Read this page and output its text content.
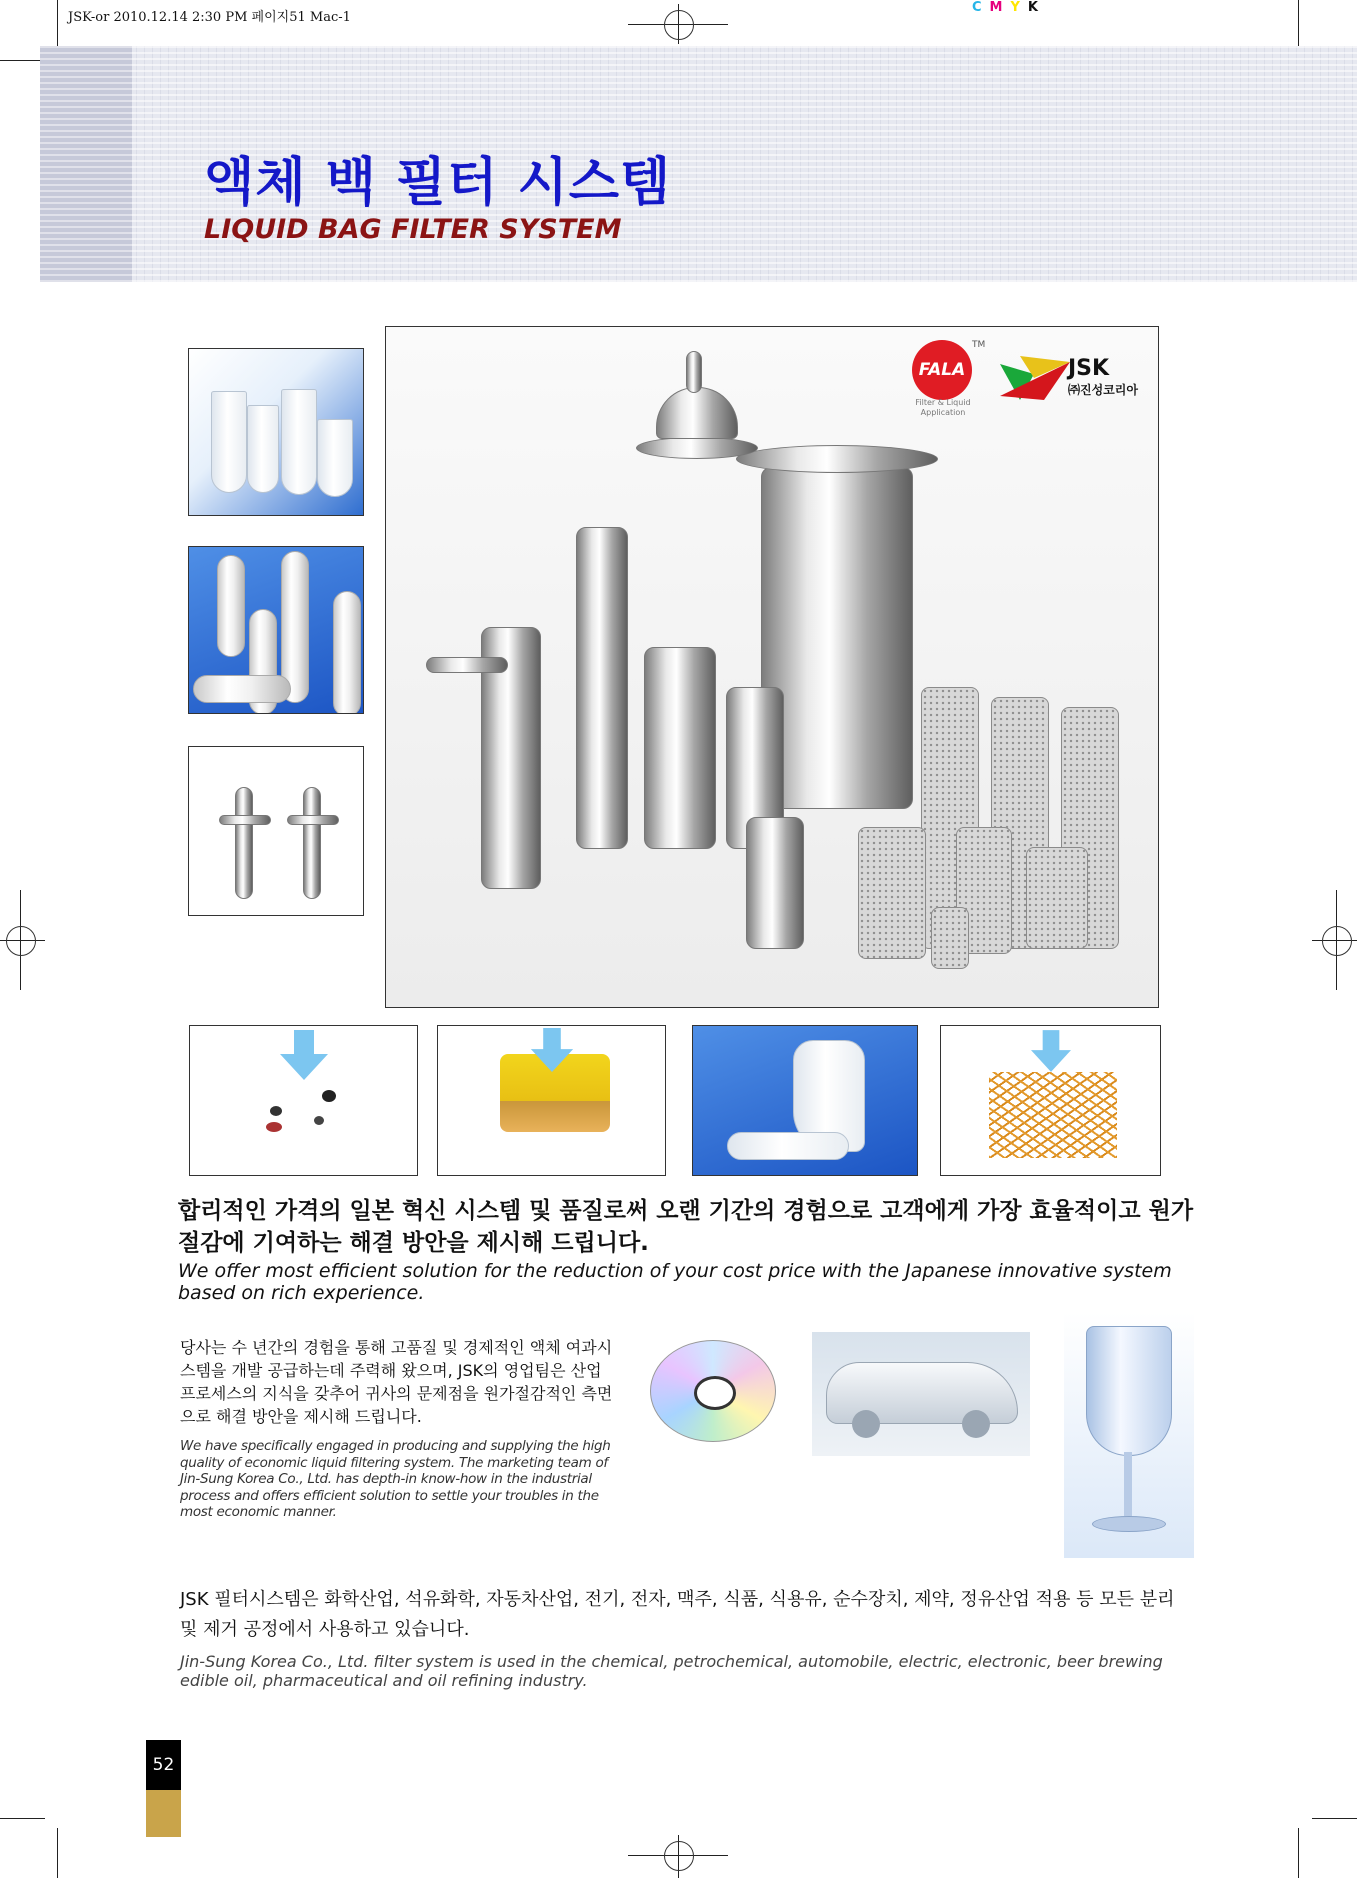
JSK-or 2010.12.14 2:30 PM 페이지51 Mac-1
CMYK
액체 백 필터 시스템
LIQUID BAG FILTER SYSTEM
FALA
TM
Filter & Liquid Application
JSK
㈜진성코리아
합리적인 가격의 일본 혁신 시스템 및 품질로써 오랜 기간의 경험으로 고객에게 가장 효율적이고 원가절감에 기여하는 해결 방안을 제시해 드립니다.
We offer most efficient solution for the reduction of your cost price with the Japanese innovative system based on rich experience.
당사는 수 년간의 경험을 통해 고품질 및 경제적인 액체 여과시스템을 개발 공급하는데 주력해 왔으며, JSK의 영업팀은 산업 프로세스의 지식을 갖추어 귀사의 문제점을 원가절감적인 측면으로 해결 방안을 제시해 드립니다.
We have specifically engaged in producing and supplying the high quality of economic liquid filtering system. The marketing team of Jin-Sung Korea Co., Ltd. has depth-in know-how in the industrial process and offers efficient solution to settle your troubles in the most economic manner.
JSK 필터시스템은 화학산업, 석유화학, 자동차산업, 전기, 전자, 맥주, 식품, 식용유, 순수장치, 제약, 정유산업 적용 등 모든 분리 및 제거 공정에서 사용하고 있습니다.
Jin-Sung Korea Co., Ltd. filter system is used in the chemical, petrochemical, automobile, electric, electronic, beer brewing edible oil, pharmaceutical and oil refining industry.
52
